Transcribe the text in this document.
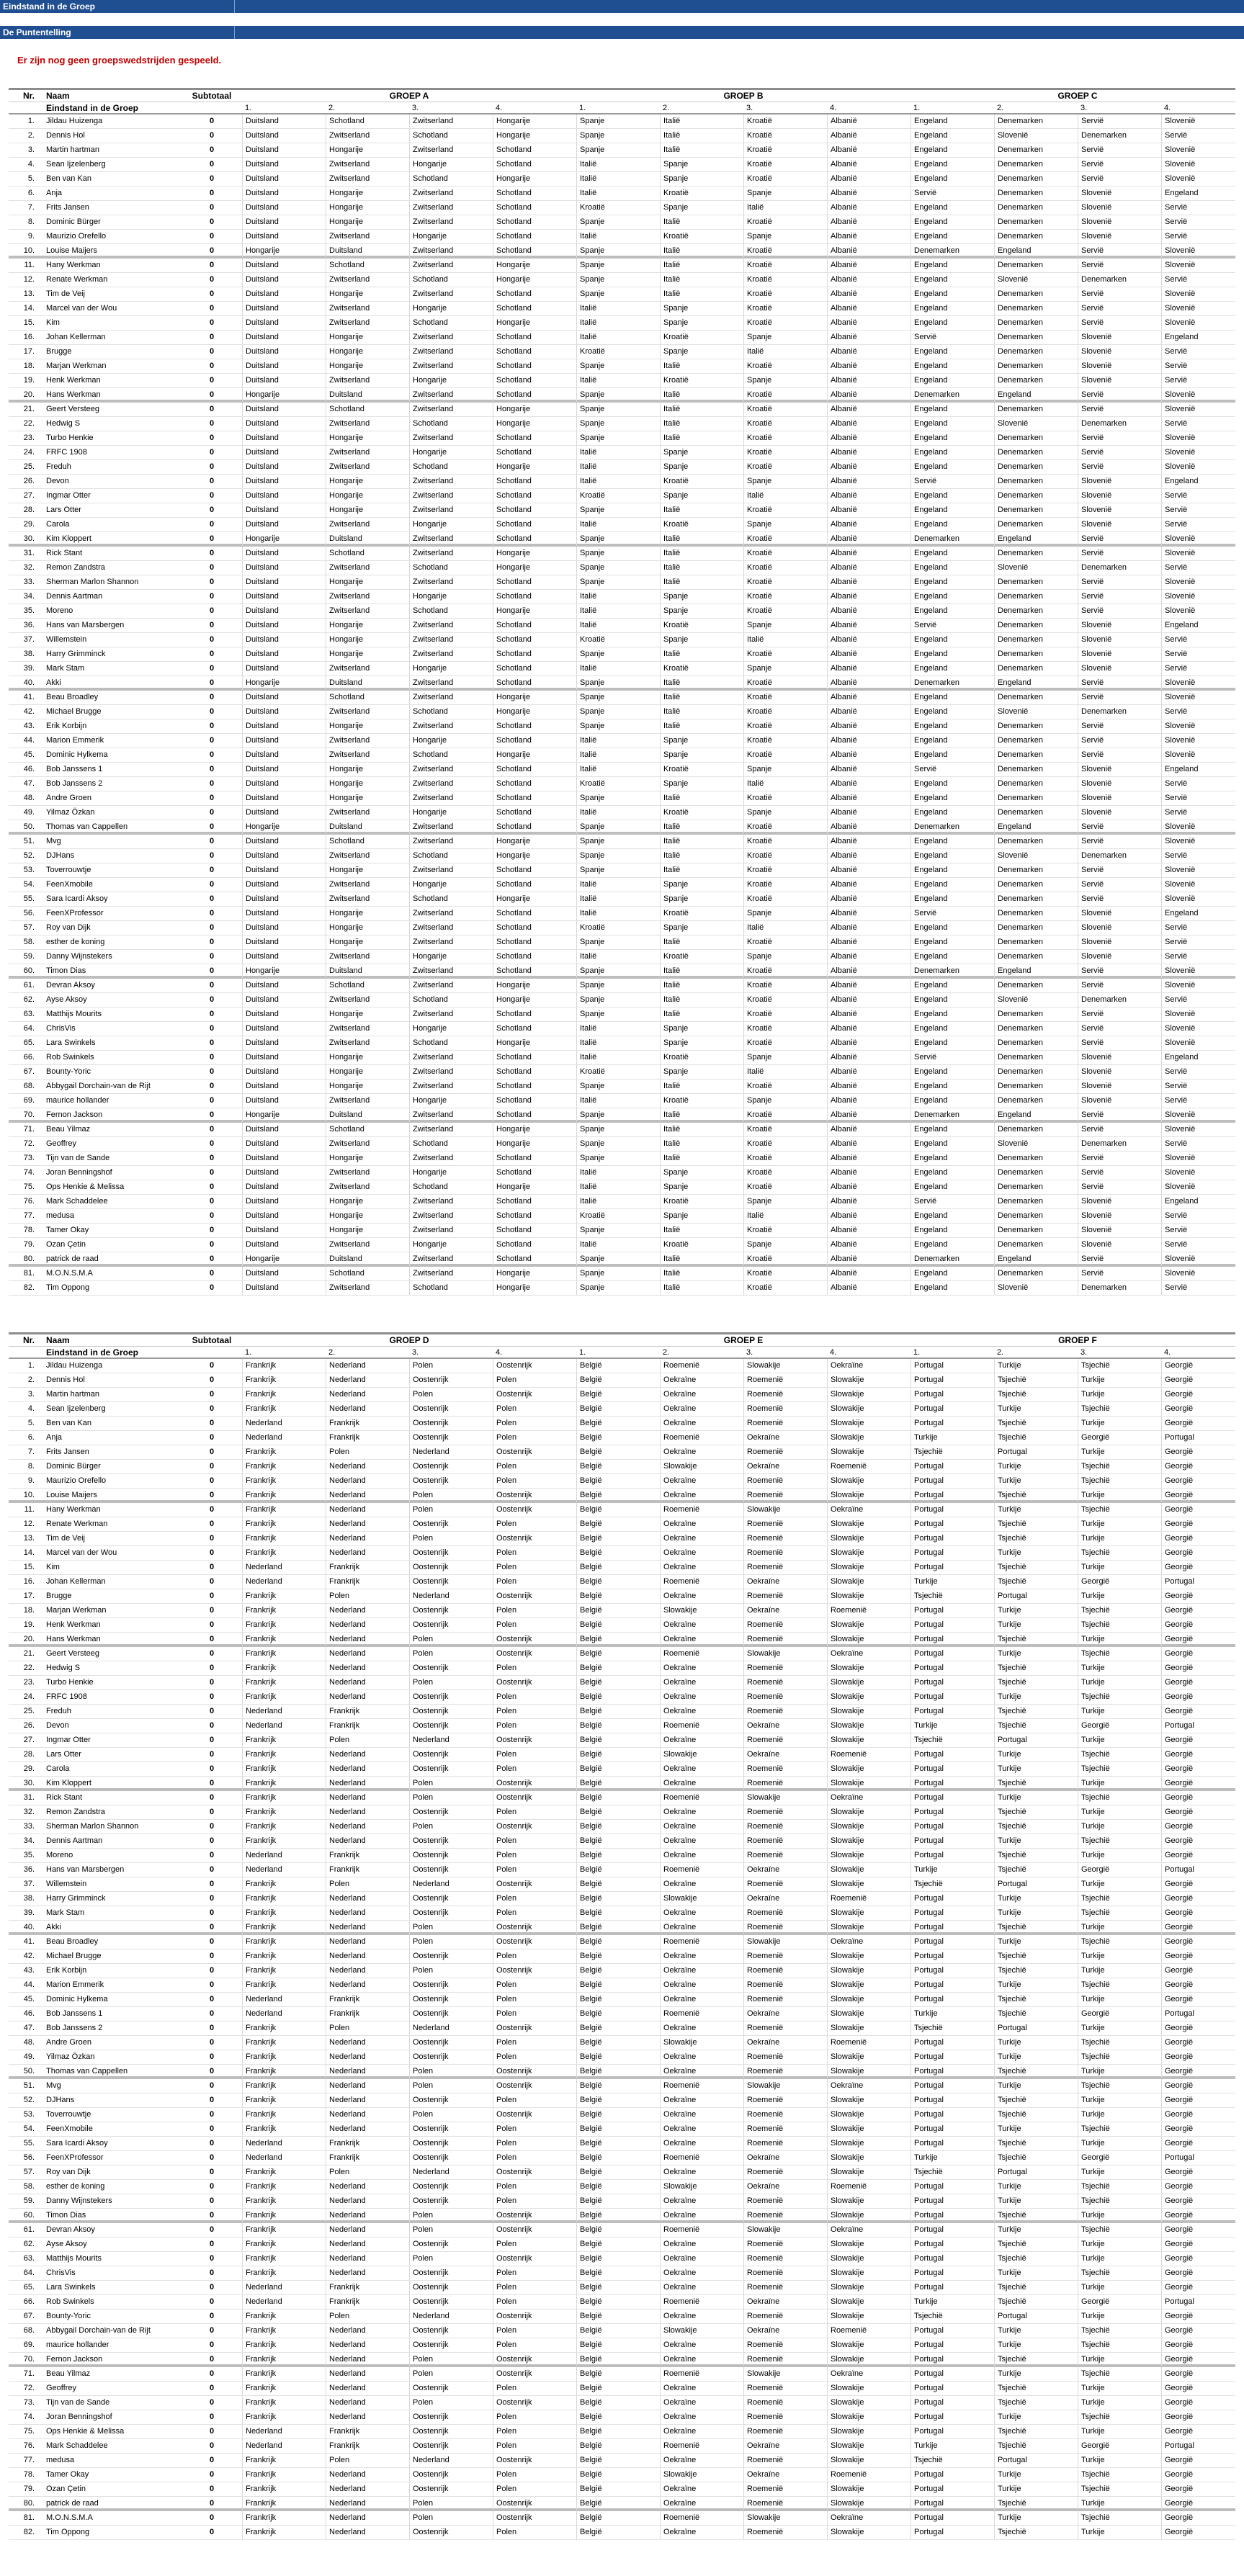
Eindstand in de Groep
De Puntentelling
Er zijn nog geen groepswedstrijden gespeeld.
Nr.	Naam	Subtotaal	GROEP A	GROEP B	GROEP C
Eindstand in de Groep	1.	2.	3.	4.	1.	2.	3.	4.	1.	2.	3.	4.
1.	Jildau Huizenga	0	Duitsland	Schotland	Zwitserland	Hongarije	Spanje	Italië	Kroatië	Albanië	Engeland	Denemarken	Servië	Slovenië
2.	Dennis Hol	0	Duitsland	Zwitserland	Schotland	Hongarije	Spanje	Italië	Kroatië	Albanië	Engeland	Slovenië	Denemarken	Servië
3.	Martin hartman	0	Duitsland	Hongarije	Zwitserland	Schotland	Spanje	Italië	Kroatië	Albanië	Engeland	Denemarken	Servië	Slovenië
4.	Sean Ijzelenberg	0	Duitsland	Zwitserland	Hongarije	Schotland	Italië	Spanje	Kroatië	Albanië	Engeland	Denemarken	Servië	Slovenië
5.	Ben van Kan	0	Duitsland	Zwitserland	Schotland	Hongarije	Italië	Spanje	Kroatië	Albanië	Engeland	Denemarken	Servië	Slovenië
6.	Anja	0	Duitsland	Hongarije	Zwitserland	Schotland	Italië	Kroatië	Spanje	Albanië	Servië	Denemarken	Slovenië	Engeland
7.	Frits Jansen	0	Duitsland	Hongarije	Zwitserland	Schotland	Kroatië	Spanje	Italië	Albanië	Engeland	Denemarken	Slovenië	Servië
8.	Dominic Bürger	0	Duitsland	Hongarije	Zwitserland	Schotland	Spanje	Italië	Kroatië	Albanië	Engeland	Denemarken	Slovenië	Servië
9.	Maurizio Orefello	0	Duitsland	Zwitserland	Hongarije	Schotland	Italië	Kroatië	Spanje	Albanië	Engeland	Denemarken	Slovenië	Servië
10.	Louise Maijers	0	Hongarije	Duitsland	Zwitserland	Schotland	Spanje	Italië	Kroatië	Albanië	Denemarken	Engeland	Servië	Slovenië
11.	Hany Werkman	0	Duitsland	Schotland	Zwitserland	Hongarije	Spanje	Italië	Kroatië	Albanië	Engeland	Denemarken	Servië	Slovenië
12.	Renate Werkman	0	Duitsland	Zwitserland	Schotland	Hongarije	Spanje	Italië	Kroatië	Albanië	Engeland	Slovenië	Denemarken	Servië
13.	Tim de Veij	0	Duitsland	Hongarije	Zwitserland	Schotland	Spanje	Italië	Kroatië	Albanië	Engeland	Denemarken	Servië	Slovenië
14.	Marcel van der Wou	0	Duitsland	Zwitserland	Hongarije	Schotland	Italië	Spanje	Kroatië	Albanië	Engeland	Denemarken	Servië	Slovenië
15.	Kim	0	Duitsland	Zwitserland	Schotland	Hongarije	Italië	Spanje	Kroatië	Albanië	Engeland	Denemarken	Servië	Slovenië
16.	Johan Kellerman	0	Duitsland	Hongarije	Zwitserland	Schotland	Italië	Kroatië	Spanje	Albanië	Servië	Denemarken	Slovenië	Engeland
17.	Brugge	0	Duitsland	Hongarije	Zwitserland	Schotland	Kroatië	Spanje	Italië	Albanië	Engeland	Denemarken	Slovenië	Servië
18.	Marjan Werkman	0	Duitsland	Hongarije	Zwitserland	Schotland	Spanje	Italië	Kroatië	Albanië	Engeland	Denemarken	Slovenië	Servië
19.	Henk Werkman	0	Duitsland	Zwitserland	Hongarije	Schotland	Italië	Kroatië	Spanje	Albanië	Engeland	Denemarken	Slovenië	Servië
20.	Hans Werkman	0	Hongarije	Duitsland	Zwitserland	Schotland	Spanje	Italië	Kroatië	Albanië	Denemarken	Engeland	Servië	Slovenië
21.	Geert Versteeg	0	Duitsland	Schotland	Zwitserland	Hongarije	Spanje	Italië	Kroatië	Albanië	Engeland	Denemarken	Servië	Slovenië
22.	Hedwig S	0	Duitsland	Zwitserland	Schotland	Hongarije	Spanje	Italië	Kroatië	Albanië	Engeland	Slovenië	Denemarken	Servië
23.	Turbo Henkie	0	Duitsland	Hongarije	Zwitserland	Schotland	Spanje	Italië	Kroatië	Albanië	Engeland	Denemarken	Servië	Slovenië
24.	FRFC 1908	0	Duitsland	Zwitserland	Hongarije	Schotland	Italië	Spanje	Kroatië	Albanië	Engeland	Denemarken	Servië	Slovenië
25.	Freduh	0	Duitsland	Zwitserland	Schotland	Hongarije	Italië	Spanje	Kroatië	Albanië	Engeland	Denemarken	Servië	Slovenië
26.	Devon	0	Duitsland	Hongarije	Zwitserland	Schotland	Italië	Kroatië	Spanje	Albanië	Servië	Denemarken	Slovenië	Engeland
27.	Ingmar Otter	0	Duitsland	Hongarije	Zwitserland	Schotland	Kroatië	Spanje	Italië	Albanië	Engeland	Denemarken	Slovenië	Servië
28.	Lars Otter	0	Duitsland	Hongarije	Zwitserland	Schotland	Spanje	Italië	Kroatië	Albanië	Engeland	Denemarken	Slovenië	Servië
29.	Carola	0	Duitsland	Zwitserland	Hongarije	Schotland	Italië	Kroatië	Spanje	Albanië	Engeland	Denemarken	Slovenië	Servië
30.	Kim Kloppert	0	Hongarije	Duitsland	Zwitserland	Schotland	Spanje	Italië	Kroatië	Albanië	Denemarken	Engeland	Servië	Slovenië
31.	Rick Stant	0	Duitsland	Schotland	Zwitserland	Hongarije	Spanje	Italië	Kroatië	Albanië	Engeland	Denemarken	Servië	Slovenië
32.	Remon Zandstra	0	Duitsland	Zwitserland	Schotland	Hongarije	Spanje	Italië	Kroatië	Albanië	Engeland	Slovenië	Denemarken	Servië
33.	Sherman Marlon Shannon	0	Duitsland	Hongarije	Zwitserland	Schotland	Spanje	Italië	Kroatië	Albanië	Engeland	Denemarken	Servië	Slovenië
34.	Dennis Aartman	0	Duitsland	Zwitserland	Hongarije	Schotland	Italië	Spanje	Kroatië	Albanië	Engeland	Denemarken	Servië	Slovenië
35.	Moreno	0	Duitsland	Zwitserland	Schotland	Hongarije	Italië	Spanje	Kroatië	Albanië	Engeland	Denemarken	Servië	Slovenië
36.	Hans van Marsbergen	0	Duitsland	Hongarije	Zwitserland	Schotland	Italië	Kroatië	Spanje	Albanië	Servië	Denemarken	Slovenië	Engeland
37.	Willemstein	0	Duitsland	Hongarije	Zwitserland	Schotland	Kroatië	Spanje	Italië	Albanië	Engeland	Denemarken	Slovenië	Servië
38.	Harry Grimminck	0	Duitsland	Hongarije	Zwitserland	Schotland	Spanje	Italië	Kroatië	Albanië	Engeland	Denemarken	Slovenië	Servië
39.	Mark Stam	0	Duitsland	Zwitserland	Hongarije	Schotland	Italië	Kroatië	Spanje	Albanië	Engeland	Denemarken	Slovenië	Servië
40.	Akki	0	Hongarije	Duitsland	Zwitserland	Schotland	Spanje	Italië	Kroatië	Albanië	Denemarken	Engeland	Servië	Slovenië
41.	Beau Broadley	0	Duitsland	Schotland	Zwitserland	Hongarije	Spanje	Italië	Kroatië	Albanië	Engeland	Denemarken	Servië	Slovenië
42.	Michael Brugge	0	Duitsland	Zwitserland	Schotland	Hongarije	Spanje	Italië	Kroatië	Albanië	Engeland	Slovenië	Denemarken	Servië
43.	Erik Korbijn	0	Duitsland	Hongarije	Zwitserland	Schotland	Spanje	Italië	Kroatië	Albanië	Engeland	Denemarken	Servië	Slovenië
44.	Marion Emmerik	0	Duitsland	Zwitserland	Hongarije	Schotland	Italië	Spanje	Kroatië	Albanië	Engeland	Denemarken	Servië	Slovenië
45.	Dominic Hylkema	0	Duitsland	Zwitserland	Schotland	Hongarije	Italië	Spanje	Kroatië	Albanië	Engeland	Denemarken	Servië	Slovenië
46.	Bob Janssens 1	0	Duitsland	Hongarije	Zwitserland	Schotland	Italië	Kroatië	Spanje	Albanië	Servië	Denemarken	Slovenië	Engeland
47.	Bob Janssens 2	0	Duitsland	Hongarije	Zwitserland	Schotland	Kroatië	Spanje	Italië	Albanië	Engeland	Denemarken	Slovenië	Servië
48.	Andre Groen	0	Duitsland	Hongarije	Zwitserland	Schotland	Spanje	Italië	Kroatië	Albanië	Engeland	Denemarken	Slovenië	Servië
49.	Yilmaz Özkan	0	Duitsland	Zwitserland	Hongarije	Schotland	Italië	Kroatië	Spanje	Albanië	Engeland	Denemarken	Slovenië	Servië
50.	Thomas van Cappellen	0	Hongarije	Duitsland	Zwitserland	Schotland	Spanje	Italië	Kroatië	Albanië	Denemarken	Engeland	Servië	Slovenië
51.	Mvg	0	Duitsland	Schotland	Zwitserland	Hongarije	Spanje	Italië	Kroatië	Albanië	Engeland	Denemarken	Servië	Slovenië
52.	DJHans	0	Duitsland	Zwitserland	Schotland	Hongarije	Spanje	Italië	Kroatië	Albanië	Engeland	Slovenië	Denemarken	Servië
53.	Toverrouwtje	0	Duitsland	Hongarije	Zwitserland	Schotland	Spanje	Italië	Kroatië	Albanië	Engeland	Denemarken	Servië	Slovenië
54.	FeenXmobile	0	Duitsland	Zwitserland	Hongarije	Schotland	Italië	Spanje	Kroatië	Albanië	Engeland	Denemarken	Servië	Slovenië
55.	Sara Icardi Aksoy	0	Duitsland	Zwitserland	Schotland	Hongarije	Italië	Spanje	Kroatië	Albanië	Engeland	Denemarken	Servië	Slovenië
56.	FeenXProfessor	0	Duitsland	Hongarije	Zwitserland	Schotland	Italië	Kroatië	Spanje	Albanië	Servië	Denemarken	Slovenië	Engeland
57.	Roy van Dijk	0	Duitsland	Hongarije	Zwitserland	Schotland	Kroatië	Spanje	Italië	Albanië	Engeland	Denemarken	Slovenië	Servië
58.	esther de koning	0	Duitsland	Hongarije	Zwitserland	Schotland	Spanje	Italië	Kroatië	Albanië	Engeland	Denemarken	Slovenië	Servië
59.	Danny Wijnstekers	0	Duitsland	Zwitserland	Hongarije	Schotland	Italië	Kroatië	Spanje	Albanië	Engeland	Denemarken	Slovenië	Servië
60.	Timon Dias	0	Hongarije	Duitsland	Zwitserland	Schotland	Spanje	Italië	Kroatië	Albanië	Denemarken	Engeland	Servië	Slovenië
61.	Devran Aksoy	0	Duitsland	Schotland	Zwitserland	Hongarije	Spanje	Italië	Kroatië	Albanië	Engeland	Denemarken	Servië	Slovenië
62.	Ayse Aksoy	0	Duitsland	Zwitserland	Schotland	Hongarije	Spanje	Italië	Kroatië	Albanië	Engeland	Slovenië	Denemarken	Servië
63.	Matthijs Mourits	0	Duitsland	Hongarije	Zwitserland	Schotland	Spanje	Italië	Kroatië	Albanië	Engeland	Denemarken	Servië	Slovenië
64.	ChrisVis	0	Duitsland	Zwitserland	Hongarije	Schotland	Italië	Spanje	Kroatië	Albanië	Engeland	Denemarken	Servië	Slovenië
65.	Lara Swinkels	0	Duitsland	Zwitserland	Schotland	Hongarije	Italië	Spanje	Kroatië	Albanië	Engeland	Denemarken	Servië	Slovenië
66.	Rob Swinkels	0	Duitsland	Hongarije	Zwitserland	Schotland	Italië	Kroatië	Spanje	Albanië	Servië	Denemarken	Slovenië	Engeland
67.	Bounty-Yoric	0	Duitsland	Hongarije	Zwitserland	Schotland	Kroatië	Spanje	Italië	Albanië	Engeland	Denemarken	Slovenië	Servië
68.	Abbygail Dorchain-van de Rijt	0	Duitsland	Hongarije	Zwitserland	Schotland	Spanje	Italië	Kroatië	Albanië	Engeland	Denemarken	Slovenië	Servië
69.	maurice hollander	0	Duitsland	Zwitserland	Hongarije	Schotland	Italië	Kroatië	Spanje	Albanië	Engeland	Denemarken	Slovenië	Servië
70.	Fernon Jackson	0	Hongarije	Duitsland	Zwitserland	Schotland	Spanje	Italië	Kroatië	Albanië	Denemarken	Engeland	Servië	Slovenië
71.	Beau Yilmaz	0	Duitsland	Schotland	Zwitserland	Hongarije	Spanje	Italië	Kroatië	Albanië	Engeland	Denemarken	Servië	Slovenië
72.	Geoffrey	0	Duitsland	Zwitserland	Schotland	Hongarije	Spanje	Italië	Kroatië	Albanië	Engeland	Slovenië	Denemarken	Servië
73.	Tijn van de Sande	0	Duitsland	Hongarije	Zwitserland	Schotland	Spanje	Italië	Kroatië	Albanië	Engeland	Denemarken	Servië	Slovenië
74.	Joran Benningshof	0	Duitsland	Zwitserland	Hongarije	Schotland	Italië	Spanje	Kroatië	Albanië	Engeland	Denemarken	Servië	Slovenië
75.	Ops Henkie & Melissa	0	Duitsland	Zwitserland	Schotland	Hongarije	Italië	Spanje	Kroatië	Albanië	Engeland	Denemarken	Servië	Slovenië
76.	Mark Schaddelee	0	Duitsland	Hongarije	Zwitserland	Schotland	Italië	Kroatië	Spanje	Albanië	Servië	Denemarken	Slovenië	Engeland
77.	medusa	0	Duitsland	Hongarije	Zwitserland	Schotland	Kroatië	Spanje	Italië	Albanië	Engeland	Denemarken	Slovenië	Servië
78.	Tamer Okay	0	Duitsland	Hongarije	Zwitserland	Schotland	Spanje	Italië	Kroatië	Albanië	Engeland	Denemarken	Slovenië	Servië
79.	Ozan Çetin	0	Duitsland	Zwitserland	Hongarije	Schotland	Italië	Kroatië	Spanje	Albanië	Engeland	Denemarken	Slovenië	Servië
80.	patrick de raad	0	Hongarije	Duitsland	Zwitserland	Schotland	Spanje	Italië	Kroatië	Albanië	Denemarken	Engeland	Servië	Slovenië
81.	M.O.N.S.M.A	0	Duitsland	Schotland	Zwitserland	Hongarije	Spanje	Italië	Kroatië	Albanië	Engeland	Denemarken	Servië	Slovenië
82.	Tim Oppong	0	Duitsland	Zwitserland	Schotland	Hongarije	Spanje	Italië	Kroatië	Albanië	Engeland	Slovenië	Denemarken	Servië
Nr.	Naam	Subtotaal	GROEP D	GROEP E	GROEP F
Eindstand in de Groep	1.	2.	3.	4.	1.	2.	3.	4.	1.	2.	3.	4.
1.	Jildau Huizenga	0	Frankrijk	Nederland	Polen	Oostenrijk	België	Roemenië	Slowakije	Oekraïne	Portugal	Turkije	Tsjechië	Georgië
2.	Dennis Hol	0	Frankrijk	Nederland	Oostenrijk	Polen	België	Oekraïne	Roemenië	Slowakije	Portugal	Tsjechië	Turkije	Georgië
3.	Martin hartman	0	Frankrijk	Nederland	Polen	Oostenrijk	België	Oekraïne	Roemenië	Slowakije	Portugal	Tsjechië	Turkije	Georgië
4.	Sean Ijzelenberg	0	Frankrijk	Nederland	Oostenrijk	Polen	België	Oekraïne	Roemenië	Slowakije	Portugal	Turkije	Tsjechië	Georgië
5.	Ben van Kan	0	Nederland	Frankrijk	Oostenrijk	Polen	België	Oekraïne	Roemenië	Slowakije	Portugal	Tsjechië	Turkije	Georgië
6.	Anja	0	Nederland	Frankrijk	Oostenrijk	Polen	België	Roemenië	Oekraïne	Slowakije	Turkije	Tsjechië	Georgië	Portugal
7.	Frits Jansen	0	Frankrijk	Polen	Nederland	Oostenrijk	België	Oekraïne	Roemenië	Slowakije	Tsjechië	Portugal	Turkije	Georgië
8.	Dominic Bürger	0	Frankrijk	Nederland	Oostenrijk	Polen	België	Slowakije	Oekraïne	Roemenië	Portugal	Turkije	Tsjechië	Georgië
9.	Maurizio Orefello	0	Frankrijk	Nederland	Oostenrijk	Polen	België	Oekraïne	Roemenië	Slowakije	Portugal	Turkije	Tsjechië	Georgië
10.	Louise Maijers	0	Frankrijk	Nederland	Polen	Oostenrijk	België	Oekraïne	Roemenië	Slowakije	Portugal	Tsjechië	Turkije	Georgië
11.	Hany Werkman	0	Frankrijk	Nederland	Polen	Oostenrijk	België	Roemenië	Slowakije	Oekraïne	Portugal	Turkije	Tsjechië	Georgië
12.	Renate Werkman	0	Frankrijk	Nederland	Oostenrijk	Polen	België	Oekraïne	Roemenië	Slowakije	Portugal	Tsjechië	Turkije	Georgië
13.	Tim de Veij	0	Frankrijk	Nederland	Polen	Oostenrijk	België	Oekraïne	Roemenië	Slowakije	Portugal	Tsjechië	Turkije	Georgië
14.	Marcel van der Wou	0	Frankrijk	Nederland	Oostenrijk	Polen	België	Oekraïne	Roemenië	Slowakije	Portugal	Turkije	Tsjechië	Georgië
15.	Kim	0	Nederland	Frankrijk	Oostenrijk	Polen	België	Oekraïne	Roemenië	Slowakije	Portugal	Tsjechië	Turkije	Georgië
16.	Johan Kellerman	0	Nederland	Frankrijk	Oostenrijk	Polen	België	Roemenië	Oekraïne	Slowakije	Turkije	Tsjechië	Georgië	Portugal
17.	Brugge	0	Frankrijk	Polen	Nederland	Oostenrijk	België	Oekraïne	Roemenië	Slowakije	Tsjechië	Portugal	Turkije	Georgië
18.	Marjan Werkman	0	Frankrijk	Nederland	Oostenrijk	Polen	België	Slowakije	Oekraïne	Roemenië	Portugal	Turkije	Tsjechië	Georgië
19.	Henk Werkman	0	Frankrijk	Nederland	Oostenrijk	Polen	België	Oekraïne	Roemenië	Slowakije	Portugal	Turkije	Tsjechië	Georgië
20.	Hans Werkman	0	Frankrijk	Nederland	Polen	Oostenrijk	België	Oekraïne	Roemenië	Slowakije	Portugal	Tsjechië	Turkije	Georgië
21.	Geert Versteeg	0	Frankrijk	Nederland	Polen	Oostenrijk	België	Roemenië	Slowakije	Oekraïne	Portugal	Turkije	Tsjechië	Georgië
22.	Hedwig S	0	Frankrijk	Nederland	Oostenrijk	Polen	België	Oekraïne	Roemenië	Slowakije	Portugal	Tsjechië	Turkije	Georgië
23.	Turbo Henkie	0	Frankrijk	Nederland	Polen	Oostenrijk	België	Oekraïne	Roemenië	Slowakije	Portugal	Tsjechië	Turkije	Georgië
24.	FRFC 1908	0	Frankrijk	Nederland	Oostenrijk	Polen	België	Oekraïne	Roemenië	Slowakije	Portugal	Turkije	Tsjechië	Georgië
25.	Freduh	0	Nederland	Frankrijk	Oostenrijk	Polen	België	Oekraïne	Roemenië	Slowakije	Portugal	Tsjechië	Turkije	Georgië
26.	Devon	0	Nederland	Frankrijk	Oostenrijk	Polen	België	Roemenië	Oekraïne	Slowakije	Turkije	Tsjechië	Georgië	Portugal
27.	Ingmar Otter	0	Frankrijk	Polen	Nederland	Oostenrijk	België	Oekraïne	Roemenië	Slowakije	Tsjechië	Portugal	Turkije	Georgië
28.	Lars Otter	0	Frankrijk	Nederland	Oostenrijk	Polen	België	Slowakije	Oekraïne	Roemenië	Portugal	Turkije	Tsjechië	Georgië
29.	Carola	0	Frankrijk	Nederland	Oostenrijk	Polen	België	Oekraïne	Roemenië	Slowakije	Portugal	Turkije	Tsjechië	Georgië
30.	Kim Kloppert	0	Frankrijk	Nederland	Polen	Oostenrijk	België	Oekraïne	Roemenië	Slowakije	Portugal	Tsjechië	Turkije	Georgië
31.	Rick Stant	0	Frankrijk	Nederland	Polen	Oostenrijk	België	Roemenië	Slowakije	Oekraïne	Portugal	Turkije	Tsjechië	Georgië
32.	Remon Zandstra	0	Frankrijk	Nederland	Oostenrijk	Polen	België	Oekraïne	Roemenië	Slowakije	Portugal	Tsjechië	Turkije	Georgië
33.	Sherman Marlon Shannon	0	Frankrijk	Nederland	Polen	Oostenrijk	België	Oekraïne	Roemenië	Slowakije	Portugal	Tsjechië	Turkije	Georgië
34.	Dennis Aartman	0	Frankrijk	Nederland	Oostenrijk	Polen	België	Oekraïne	Roemenië	Slowakije	Portugal	Turkije	Tsjechië	Georgië
35.	Moreno	0	Nederland	Frankrijk	Oostenrijk	Polen	België	Oekraïne	Roemenië	Slowakije	Portugal	Tsjechië	Turkije	Georgië
36.	Hans van Marsbergen	0	Nederland	Frankrijk	Oostenrijk	Polen	België	Roemenië	Oekraïne	Slowakije	Turkije	Tsjechië	Georgië	Portugal
37.	Willemstein	0	Frankrijk	Polen	Nederland	Oostenrijk	België	Oekraïne	Roemenië	Slowakije	Tsjechië	Portugal	Turkije	Georgië
38.	Harry Grimminck	0	Frankrijk	Nederland	Oostenrijk	Polen	België	Slowakije	Oekraïne	Roemenië	Portugal	Turkije	Tsjechië	Georgië
39.	Mark Stam	0	Frankrijk	Nederland	Oostenrijk	Polen	België	Oekraïne	Roemenië	Slowakije	Portugal	Turkije	Tsjechië	Georgië
40.	Akki	0	Frankrijk	Nederland	Polen	Oostenrijk	België	Oekraïne	Roemenië	Slowakije	Portugal	Tsjechië	Turkije	Georgië
41.	Beau Broadley	0	Frankrijk	Nederland	Polen	Oostenrijk	België	Roemenië	Slowakije	Oekraïne	Portugal	Turkije	Tsjechië	Georgië
42.	Michael Brugge	0	Frankrijk	Nederland	Oostenrijk	Polen	België	Oekraïne	Roemenië	Slowakije	Portugal	Tsjechië	Turkije	Georgië
43.	Erik Korbijn	0	Frankrijk	Nederland	Polen	Oostenrijk	België	Oekraïne	Roemenië	Slowakije	Portugal	Tsjechië	Turkije	Georgië
44.	Marion Emmerik	0	Frankrijk	Nederland	Oostenrijk	Polen	België	Oekraïne	Roemenië	Slowakije	Portugal	Turkije	Tsjechië	Georgië
45.	Dominic Hylkema	0	Nederland	Frankrijk	Oostenrijk	Polen	België	Oekraïne	Roemenië	Slowakije	Portugal	Tsjechië	Turkije	Georgië
46.	Bob Janssens 1	0	Nederland	Frankrijk	Oostenrijk	Polen	België	Roemenië	Oekraïne	Slowakije	Turkije	Tsjechië	Georgië	Portugal
47.	Bob Janssens 2	0	Frankrijk	Polen	Nederland	Oostenrijk	België	Oekraïne	Roemenië	Slowakije	Tsjechië	Portugal	Turkije	Georgië
48.	Andre Groen	0	Frankrijk	Nederland	Oostenrijk	Polen	België	Slowakije	Oekraïne	Roemenië	Portugal	Turkije	Tsjechië	Georgië
49.	Yilmaz Özkan	0	Frankrijk	Nederland	Oostenrijk	Polen	België	Oekraïne	Roemenië	Slowakije	Portugal	Turkije	Tsjechië	Georgië
50.	Thomas van Cappellen	0	Frankrijk	Nederland	Polen	Oostenrijk	België	Oekraïne	Roemenië	Slowakije	Portugal	Tsjechië	Turkije	Georgië
51.	Mvg	0	Frankrijk	Nederland	Polen	Oostenrijk	België	Roemenië	Slowakije	Oekraïne	Portugal	Turkije	Tsjechië	Georgië
52.	DJHans	0	Frankrijk	Nederland	Oostenrijk	Polen	België	Oekraïne	Roemenië	Slowakije	Portugal	Tsjechië	Turkije	Georgië
53.	Toverrouwtje	0	Frankrijk	Nederland	Polen	Oostenrijk	België	Oekraïne	Roemenië	Slowakije	Portugal	Tsjechië	Turkije	Georgië
54.	FeenXmobile	0	Frankrijk	Nederland	Oostenrijk	Polen	België	Oekraïne	Roemenië	Slowakije	Portugal	Turkije	Tsjechië	Georgië
55.	Sara Icardi Aksoy	0	Nederland	Frankrijk	Oostenrijk	Polen	België	Oekraïne	Roemenië	Slowakije	Portugal	Tsjechië	Turkije	Georgië
56.	FeenXProfessor	0	Nederland	Frankrijk	Oostenrijk	Polen	België	Roemenië	Oekraïne	Slowakije	Turkije	Tsjechië	Georgië	Portugal
57.	Roy van Dijk	0	Frankrijk	Polen	Nederland	Oostenrijk	België	Oekraïne	Roemenië	Slowakije	Tsjechië	Portugal	Turkije	Georgië
58.	esther de koning	0	Frankrijk	Nederland	Oostenrijk	Polen	België	Slowakije	Oekraïne	Roemenië	Portugal	Turkije	Tsjechië	Georgië
59.	Danny Wijnstekers	0	Frankrijk	Nederland	Oostenrijk	Polen	België	Oekraïne	Roemenië	Slowakije	Portugal	Turkije	Tsjechië	Georgië
60.	Timon Dias	0	Frankrijk	Nederland	Polen	Oostenrijk	België	Oekraïne	Roemenië	Slowakije	Portugal	Tsjechië	Turkije	Georgië
61.	Devran Aksoy	0	Frankrijk	Nederland	Polen	Oostenrijk	België	Roemenië	Slowakije	Oekraïne	Portugal	Turkije	Tsjechië	Georgië
62.	Ayse Aksoy	0	Frankrijk	Nederland	Oostenrijk	Polen	België	Oekraïne	Roemenië	Slowakije	Portugal	Tsjechië	Turkije	Georgië
63.	Matthijs Mourits	0	Frankrijk	Nederland	Polen	Oostenrijk	België	Oekraïne	Roemenië	Slowakije	Portugal	Tsjechië	Turkije	Georgië
64.	ChrisVis	0	Frankrijk	Nederland	Oostenrijk	Polen	België	Oekraïne	Roemenië	Slowakije	Portugal	Turkije	Tsjechië	Georgië
65.	Lara Swinkels	0	Nederland	Frankrijk	Oostenrijk	Polen	België	Oekraïne	Roemenië	Slowakije	Portugal	Tsjechië	Turkije	Georgië
66.	Rob Swinkels	0	Nederland	Frankrijk	Oostenrijk	Polen	België	Roemenië	Oekraïne	Slowakije	Turkije	Tsjechië	Georgië	Portugal
67.	Bounty-Yoric	0	Frankrijk	Polen	Nederland	Oostenrijk	België	Oekraïne	Roemenië	Slowakije	Tsjechië	Portugal	Turkije	Georgië
68.	Abbygail Dorchain-van de Rijt	0	Frankrijk	Nederland	Oostenrijk	Polen	België	Slowakije	Oekraïne	Roemenië	Portugal	Turkije	Tsjechië	Georgië
69.	maurice hollander	0	Frankrijk	Nederland	Oostenrijk	Polen	België	Oekraïne	Roemenië	Slowakije	Portugal	Turkije	Tsjechië	Georgië
70.	Fernon Jackson	0	Frankrijk	Nederland	Polen	Oostenrijk	België	Oekraïne	Roemenië	Slowakije	Portugal	Tsjechië	Turkije	Georgië
71.	Beau Yilmaz	0	Frankrijk	Nederland	Polen	Oostenrijk	België	Roemenië	Slowakije	Oekraïne	Portugal	Turkije	Tsjechië	Georgië
72.	Geoffrey	0	Frankrijk	Nederland	Oostenrijk	Polen	België	Oekraïne	Roemenië	Slowakije	Portugal	Tsjechië	Turkije	Georgië
73.	Tijn van de Sande	0	Frankrijk	Nederland	Polen	Oostenrijk	België	Oekraïne	Roemenië	Slowakije	Portugal	Tsjechië	Turkije	Georgië
74.	Joran Benningshof	0	Frankrijk	Nederland	Oostenrijk	Polen	België	Oekraïne	Roemenië	Slowakije	Portugal	Turkije	Tsjechië	Georgië
75.	Ops Henkie & Melissa	0	Nederland	Frankrijk	Oostenrijk	Polen	België	Oekraïne	Roemenië	Slowakije	Portugal	Tsjechië	Turkije	Georgië
76.	Mark Schaddelee	0	Nederland	Frankrijk	Oostenrijk	Polen	België	Roemenië	Oekraïne	Slowakije	Turkije	Tsjechië	Georgië	Portugal
77.	medusa	0	Frankrijk	Polen	Nederland	Oostenrijk	België	Oekraïne	Roemenië	Slowakije	Tsjechië	Portugal	Turkije	Georgië
78.	Tamer Okay	0	Frankrijk	Nederland	Oostenrijk	Polen	België	Slowakije	Oekraïne	Roemenië	Portugal	Turkije	Tsjechië	Georgië
79.	Ozan Çetin	0	Frankrijk	Nederland	Oostenrijk	Polen	België	Oekraïne	Roemenië	Slowakije	Portugal	Turkije	Tsjechië	Georgië
80.	patrick de raad	0	Frankrijk	Nederland	Polen	Oostenrijk	België	Oekraïne	Roemenië	Slowakije	Portugal	Tsjechië	Turkije	Georgië
81.	M.O.N.S.M.A	0	Frankrijk	Nederland	Polen	Oostenrijk	België	Roemenië	Slowakije	Oekraïne	Portugal	Turkije	Tsjechië	Georgië
82.	Tim Oppong	0	Frankrijk	Nederland	Oostenrijk	Polen	België	Oekraïne	Roemenië	Slowakije	Portugal	Tsjechië	Turkije	Georgië
